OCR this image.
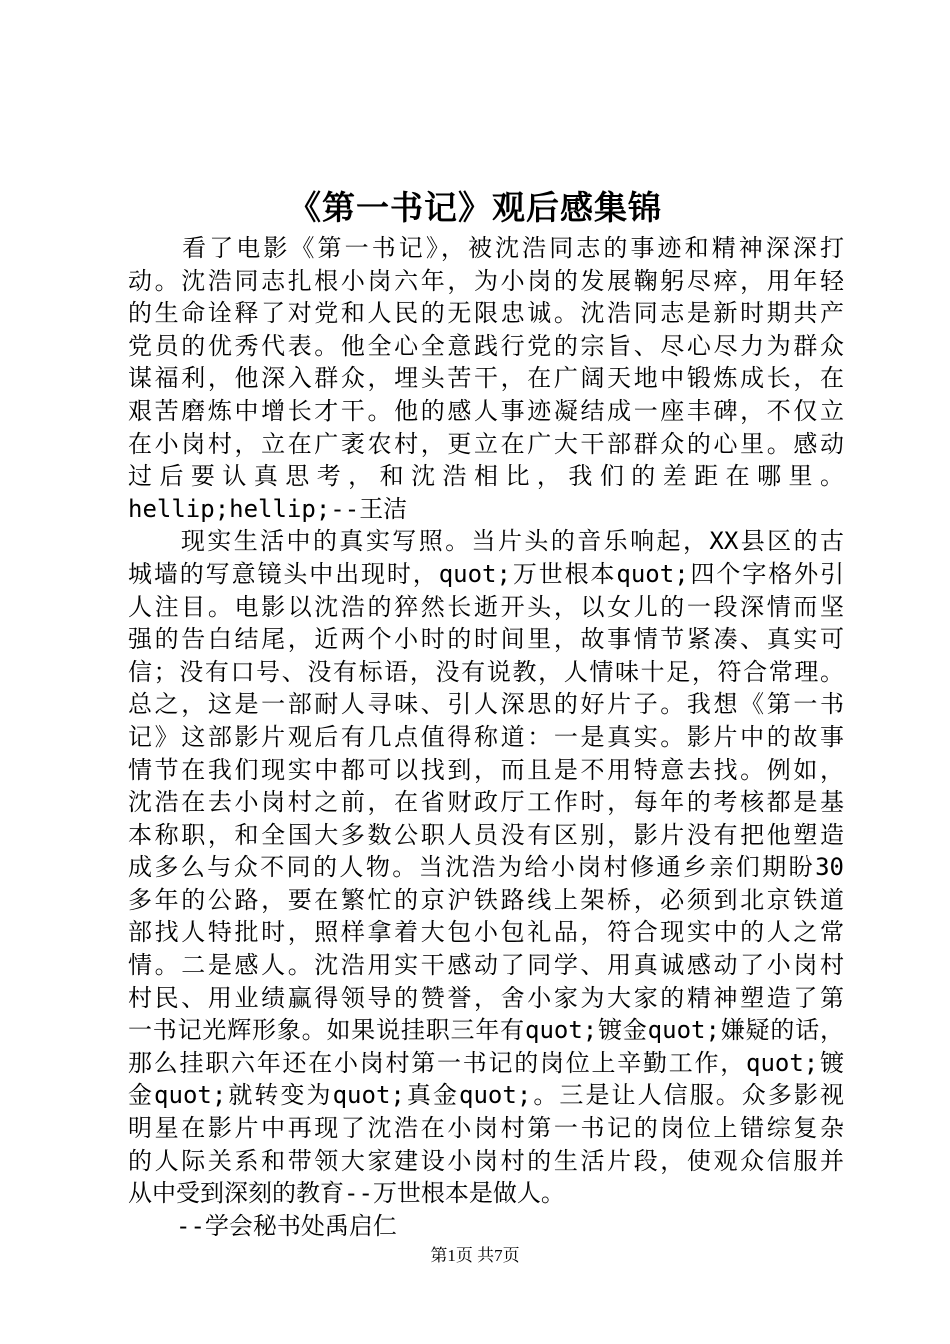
《第一书记》观后感集锦
　　看了电影《第一书记》，被沈浩同志的事迹和精神深深打
动。沈浩同志扎根小岗六年，为小岗的发展鞠躬尽瘁，用年轻
的生命诠释了对党和人民的无限忠诚。沈浩同志是新时期共产
党员的优秀代表。他全心全意践行党的宗旨、尽心尽力为群众
谋福利，他深入群众，埋头苦干，在广阔天地中锻炼成长，在
艰苦磨炼中增长才干。他的感人事迹凝结成一座丰碑，不仅立
在小岗村，立在广袤农村，更立在广大干部群众的心里。感动
过后要认真思考，和沈浩相比，我们的差距在哪里。
hellip;hellip;--王洁
　　现实生活中的真实写照。当片头的音乐响起，XX县区的古
城墙的写意镜头中出现时，quot;万世根本quot;四个字格外引
人注目。电影以沈浩的猝然长逝开头，以女儿的一段深情而坚
强的告白结尾，近两个小时的时间里，故事情节紧凑、真实可
信；没有口号、没有标语，没有说教，人情味十足，符合常理。
总之，这是一部耐人寻味、引人深思的好片子。我想《第一书
记》这部影片观后有几点值得称道：一是真实。影片中的故事
情节在我们现实中都可以找到，而且是不用特意去找。例如，
沈浩在去小岗村之前，在省财政厅工作时，每年的考核都是基
本称职，和全国大多数公职人员没有区别，影片没有把他塑造
成多么与众不同的人物。当沈浩为给小岗村修通乡亲们期盼30
多年的公路，要在繁忙的京沪铁路线上架桥，必须到北京铁道
部找人特批时，照样拿着大包小包礼品，符合现实中的人之常
情。二是感人。沈浩用实干感动了同学、用真诚感动了小岗村
村民、用业绩赢得领导的赞誉，舍小家为大家的精神塑造了第
一书记光辉形象。如果说挂职三年有quot;镀金quot;嫌疑的话，
那么挂职六年还在小岗村第一书记的岗位上辛勤工作，quot;镀
金quot;就转变为quot;真金quot;。三是让人信服。众多影视
明星在影片中再现了沈浩在小岗村第一书记的岗位上错综复杂
的人际关系和带领大家建设小岗村的生活片段，使观众信服并
从中受到深刻的教育--万世根本是做人。
　　--学会秘书处禹启仁
第1页 共7页
